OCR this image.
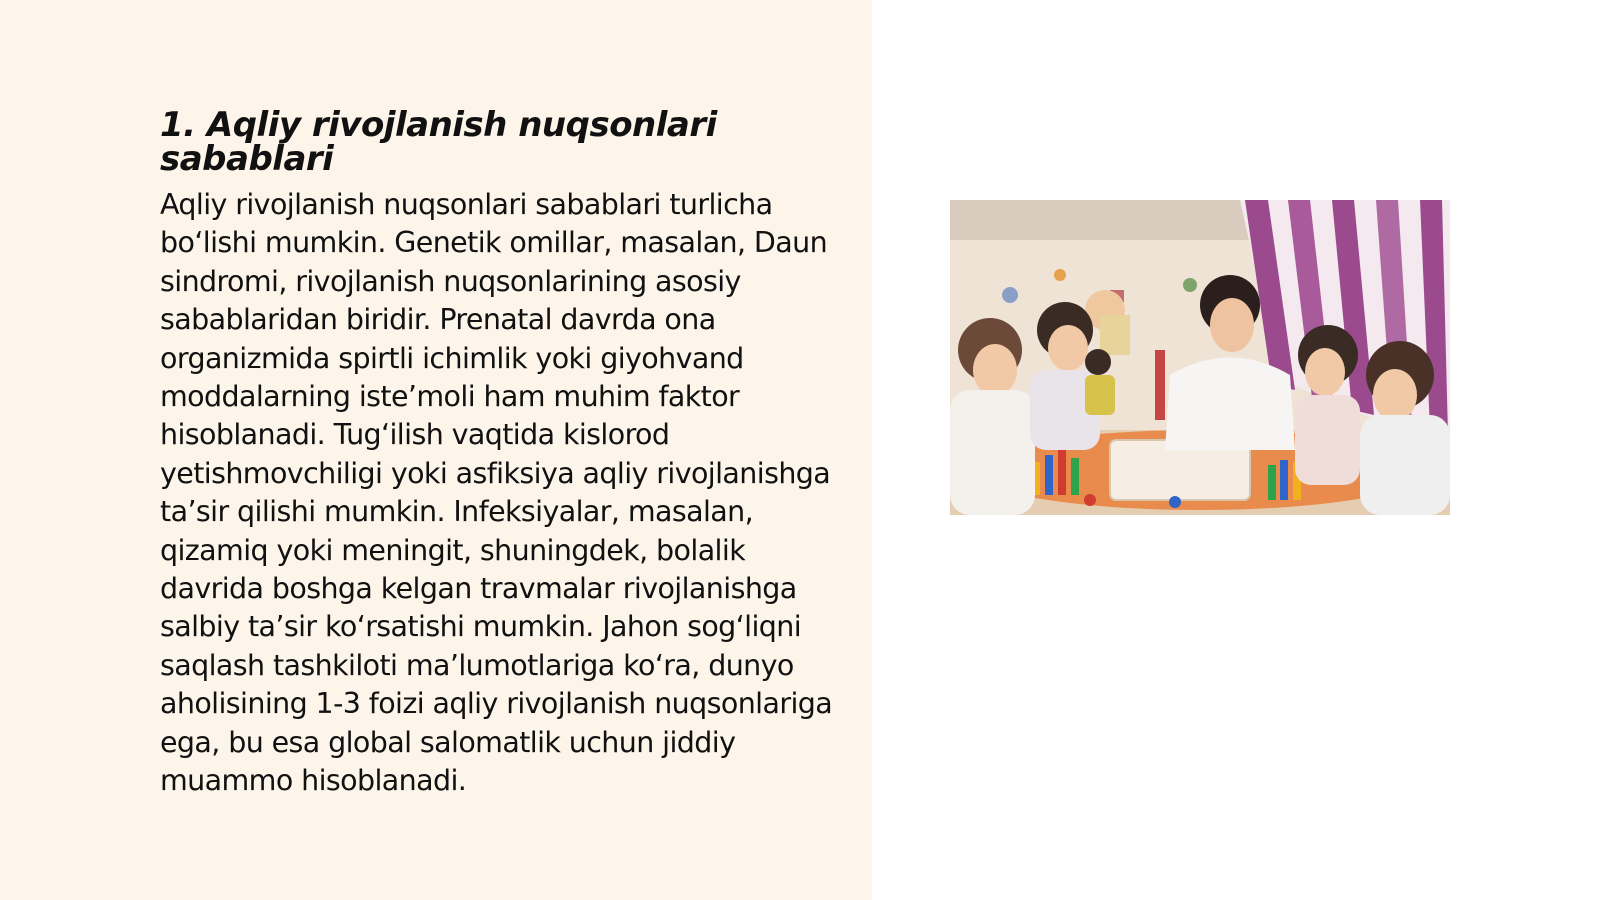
1. Aqliy rivojlanish nuqsonlari sabablari

Aqliy rivojlanish nuqsonlari sabablari turlicha bo‘lishi mumkin. Genetik omillar, masalan, Daun sindromi, rivojlanish nuqsonlarining asosiy sabablaridan biridir. Prenatal davrda ona organizmida spirtli ichimlik yoki giyohvand moddalarning iste’moli ham muhim faktor hisoblanadi. Tug‘ilish vaqtida kislorod yetishmovchiligi yoki asfiksiya aqliy rivojlanishga ta’sir qilishi mumkin. Infeksiyalar, masalan, qizamiq yoki meningit, shuningdek, bolalik davrida boshga kelgan travmalar rivojlanishga salbiy ta’sir ko‘rsatishi mumkin. Jahon sog‘liqni saqlash tashkiloti ma’lumotlariga ko‘ra, dunyo aholisining 1-3 foizi aqliy rivojlanish nuqsonlariga ega, bu esa global salomatlik uchun jiddiy muammo hisoblanadi.
